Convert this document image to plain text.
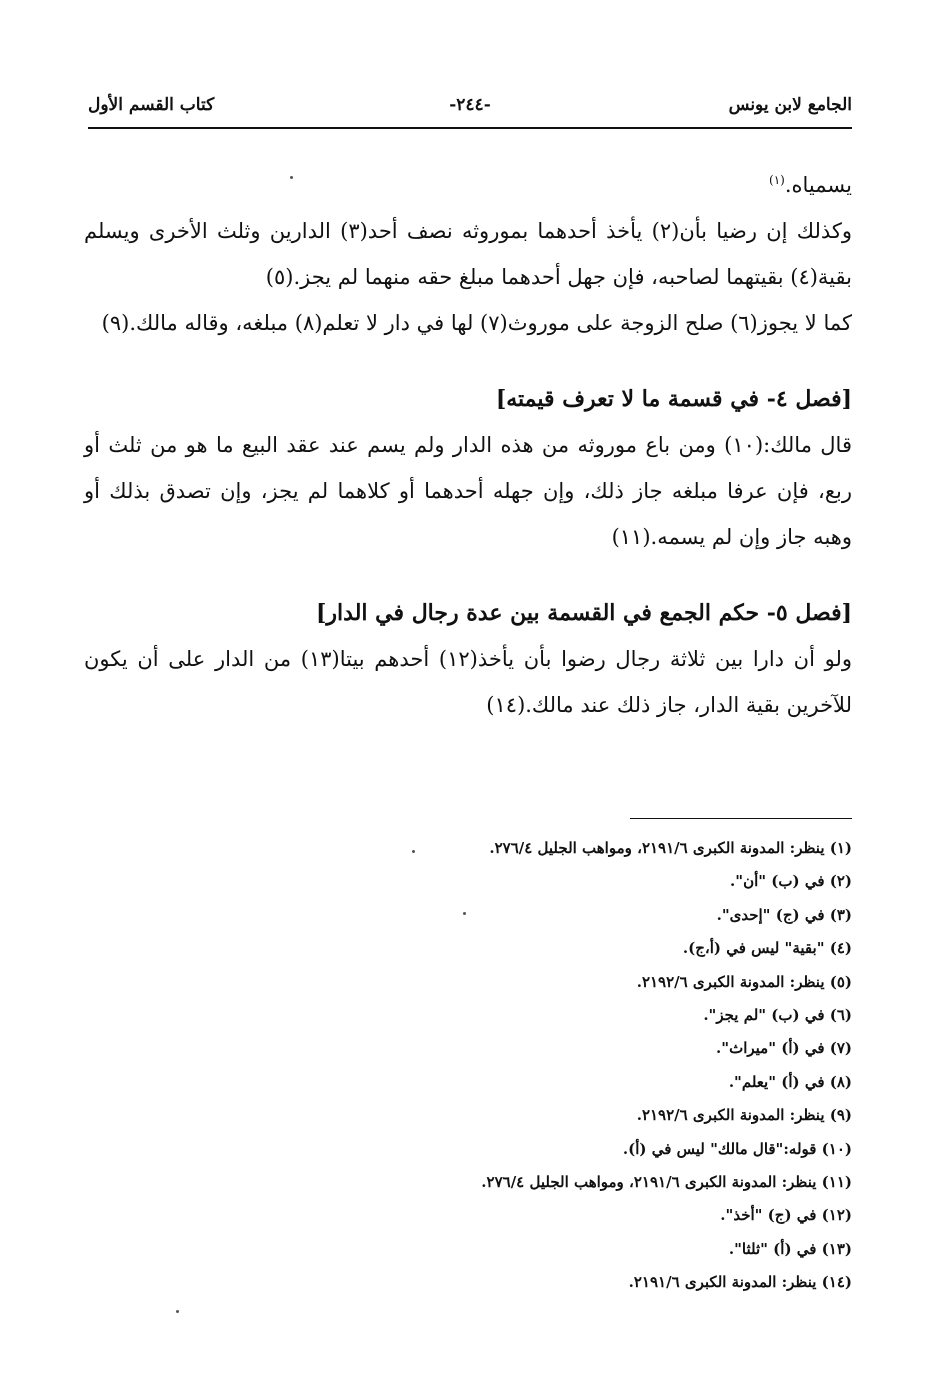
الجامع لابن يونس
-٢٤٤-
كتاب القسم الأول

يسمياه.$^{(١)}$

وكذلك إن رضيا بأن(٢) يأخذ أحدهما بموروثه نصف أحد(٣) الدارين وثلث الأخرى ويسلم بقية(٤) بقيتهما لصاحبه، فإن جهل أحدهما مبلغ حقه منهما لم يجز.(٥)

كما لا يجوز(٦) صلح الزوجة على موروث(٧) لها في دار لا تعلم(٨) مبلغه، وقاله مالك.(٩)

[فصل ٤- في قسمة ما لا تعرف قيمته]

قال مالك:(١٠) ومن باع موروثه من هذه الدار ولم يسم عند عقد البيع ما هو من ثلث أو ربع، فإن عرفا مبلغه جاز ذلك، وإن جهله أحدهما أو كلاهما لم يجز، وإن تصدق بذلك أو وهبه جاز وإن لم يسمه.(١١)

[فصل ٥- حكم الجمع في القسمة بين عدة رجال في الدار]

ولو أن دارا بين ثلاثة رجال رضوا بأن يأخذ(١٢) أحدهم بيتا(١٣) من الدار على أن يكون للآخرين بقية الدار، جاز ذلك عند مالك.(١٤)

(١) ينظر: المدونة الكبرى ٢١٩١/٦، ومواهب الجليل ٢٧٦/٤.

(٢) في (ب) "أن".

(٣) في (ج) "إحدى".

(٤) "بقية" ليس في (أ،ج).

(٥) ينظر: المدونة الكبرى ٢١٩٢/٦.

(٦) في (ب) "لم يجز".

(٧) في (أ) "ميراث".

(٨) في (أ) "يعلم".

(٩) ينظر: المدونة الكبرى ٢١٩٢/٦.

(١٠) قوله:"قال مالك" ليس في (أ).

(١١) ينظر: المدونة الكبرى ٢١٩١/٦، ومواهب الجليل ٢٧٦/٤.

(١٢) في (ج) "أخذ".

(١٣) في (أ) "ثلثا".

(١٤) ينظر: المدونة الكبرى ٢١٩١/٦.
